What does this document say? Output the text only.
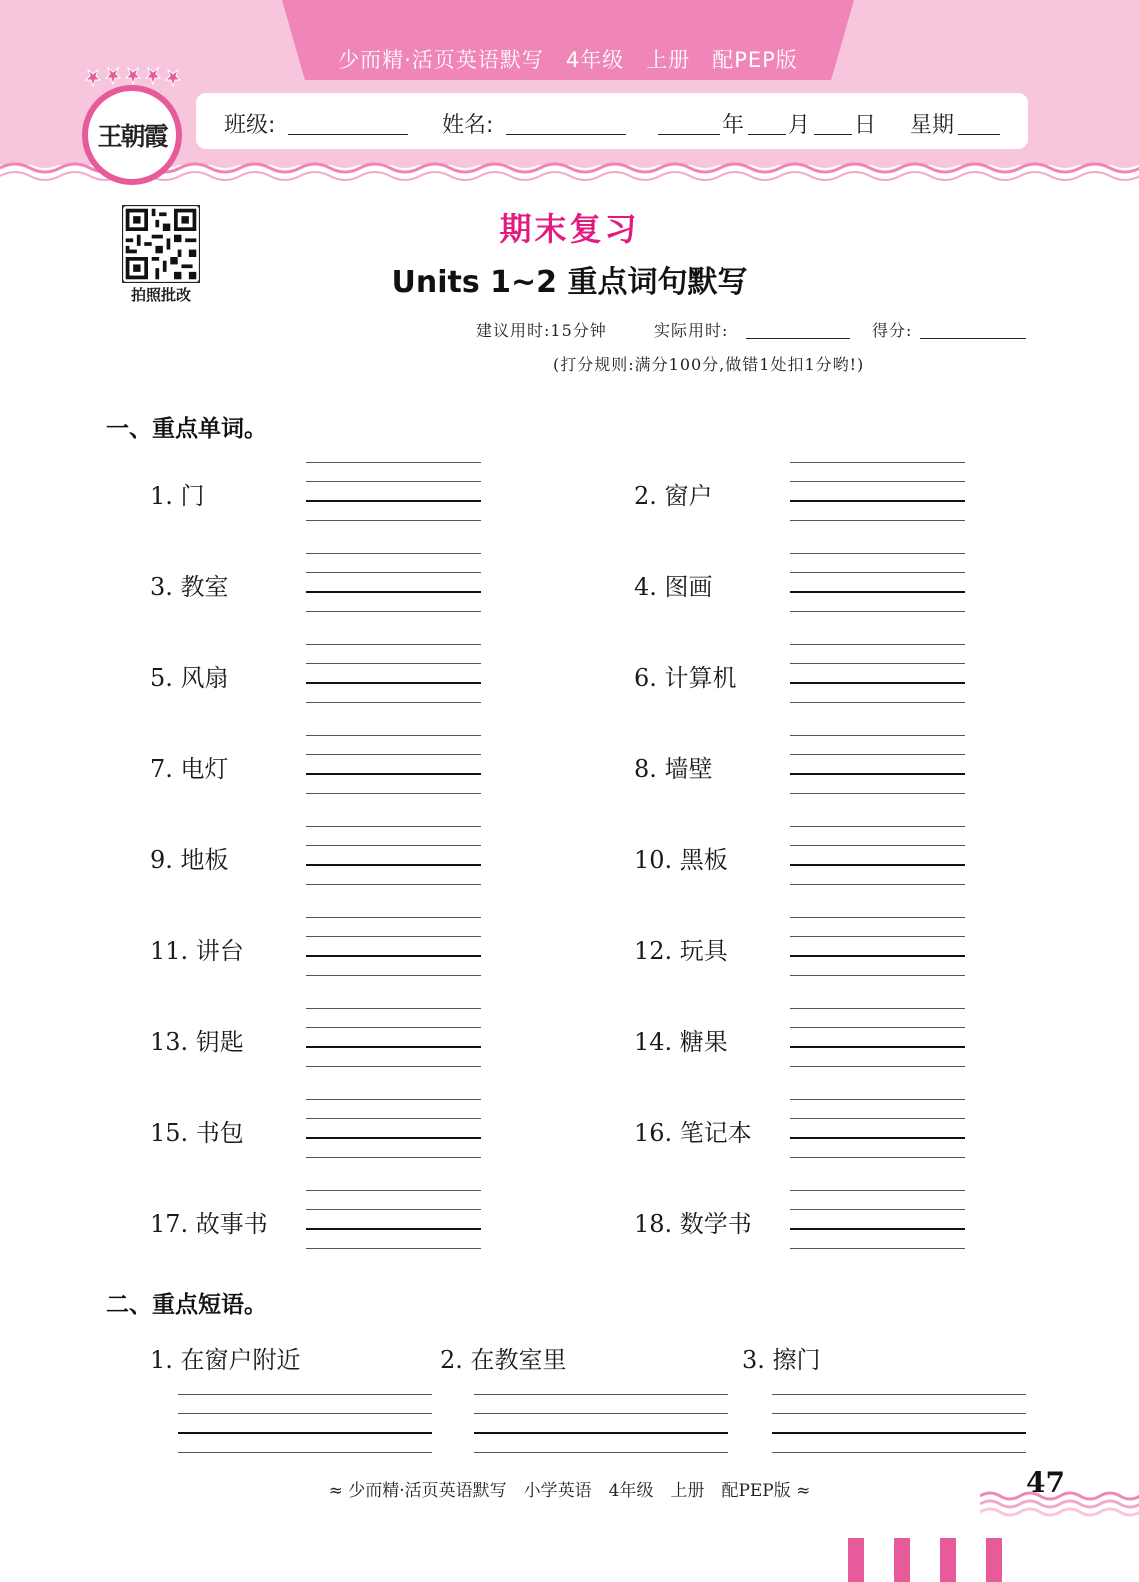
少而精·活页英语默写　4年级　上册　配PEP版
王朝霞	班级:	姓名:	年 月 日 星期
拍照批改
期末复习
Units 1~2 重点词句默写
建议用时:15分钟	实际用时:	得分:
(打分规则:满分100分,做错1处扣1分哟!)
一、重点单词。
1. 门	2. 窗户
3. 教室	4. 图画
5. 风扇	6. 计算机
7. 电灯	8. 墙壁
9. 地板	10. 黑板
11. 讲台	12. 玩具
13. 钥匙	14. 糖果
15. 书包	16. 笔记本
17. 故事书	18. 数学书
二、重点短语。
1. 在窗户附近	2. 在教室里	3. 擦门
≈ 少而精·活页英语默写　小学英语　4年级　上册　配PEP版 ≈	47
